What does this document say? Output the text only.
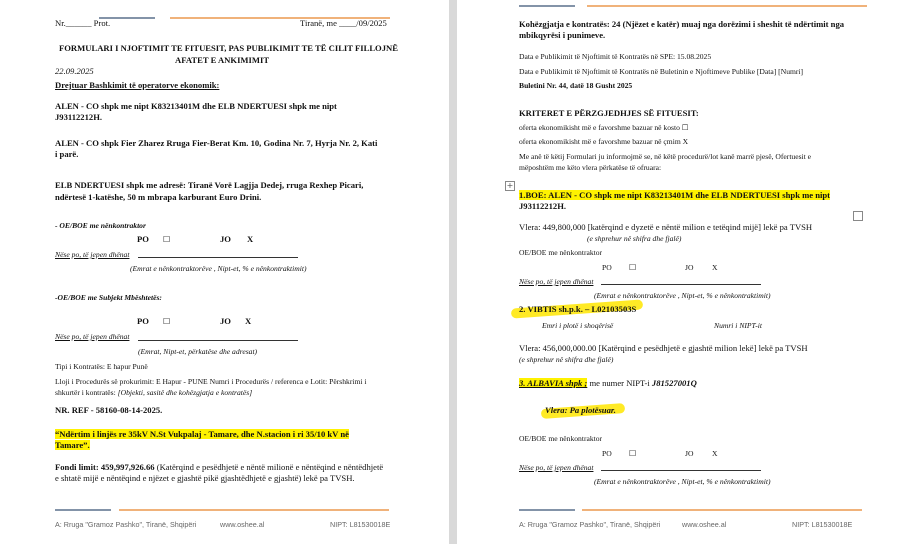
Nr.______ Prot.	Tiranë, me ____/09/2025
FORMULARI I NJOFTIMIT TE FITUESIT, PAS PUBLIKIMIT TE TË CILIT FILLOJNË
AFATET E ANKIMIMIT
22.09.2025
Drejtuar Bashkimit të operatorve ekonomik:
ALEN - CO shpk me nipt K83213401M dhe ELB NDERTUESI shpk me nipt
J93112212H.
ALEN - CO shpk Fier Zharez Rruga Fier-Berat Km. 10, Godina Nr. 7, Hyrja Nr. 2, Kati
i parë.
ELB NDERTUESI shpk me adresë: Tiranë Vorë Lagjja Dedej, rruga Rexhep Picari,
ndërtesë 1-katëshe, 50 m mbrapa karburant Euro Drini.
- OE/BOE me nënkontraktor
PO ☐	JO X
Nëse po, të jepen dhënat
(Emrat e nënkontraktorëve , Nipt-et, % e nënkontraktimit)
-OE/BOE me Subjekt Mbështetës:
PO ☐	JO X
Nëse po, të jepen dhënat
(Emrat, Nipt-et, përkatëse dhe adresat)
Tipi i Kontratës: E hapur Punë
Lloji i Procedurës së prokurimit: E Hapur - PUNE Numri i Procedurës / referenca e Lotit: Përshkrimi i
shkurtër i kontratës: [Objekti, sasitë dhe kohëzgjatja e kontratës]
NR. REF - 58160-08-14-2025.
“Ndërtim i linjës re 35kV N.St Vukpalaj - Tamare, dhe N.stacion i ri 35/10 kV në
Tamare”.
Fondi limit: 459,997,926.66 (Katërqind e pesëdhjetë e nëntë milionë e nëntëqind e nëntëdhjetë
e shtatë mijë e nëntëqind e njëzet e gjashtë pikë gjashtëdhjetë e gjashtë) lekë pa TVSH.
A: Rruga "Gramoz Pashko", Tiranë, Shqipëri	www.oshee.al	NIPT: L81530018E
Kohëzgjatja e kontratës: 24 (Njëzet e katër) muaj nga dorëzimi i sheshit të ndërtimit nga
mbikqyrësi i punimeve.
Data e Publikimit të Njoftimit të Kontratës në SPE: 15.08.2025
Data e Publikimit të Njoftimit të Kontratës në Buletinin e Njoftimeve Publike [Data] [Numri]
Buletini Nr. 44, datë 18 Gusht 2025
KRITERET E PËRZGJEDHJES SË FITUESIT:
oferta ekonomikisht më e favorshme bazuar në kosto ☐
oferta ekonomikisht më e favorshme bazuar në çmim X
Me anë të këtij Formulari ju informojmë se, në këtë procedurë/lot kanë marrë pjesë, Ofertuesit e
mëposhtëm me këto vlera përkatëse të ofruara:
+
1.BOE: ALEN - CO shpk me nipt K83213401M dhe ELB NDERTUESI shpk me nipt
J93112212H.
Vlera: 449,800,000 [katërqind e dyzetë e nëntë milion e tetëqind mijë] lekë pa TVSH
(e shprehur në shifra dhe fjalë)
OE/BOE me nënkontraktor
PO ☐	JO X
Nëse po, të jepen dhënat
(Emrat e nënkontraktorëve , Nipt-et, % e nënkontraktimit)
2. VIBTIS sh.p.k. – L02103503S
Emri i plotë i shoqërisë	Numri i NIPT-it
Vlera: 456,000,000.00 [Katërqind e pesëdhjetë e gjashtë milion lekë] lekë pa TVSH
(e shprehur në shifra dhe fjalë)
3. ALBAVIA shpk ; me numer NIPT-i J81527001Q
Vlera: Pa plotësuar.
OE/BOE me nënkontraktor
PO ☐	JO X
Nëse po, të jepen dhënat
(Emrat e nënkontraktorëve , Nipt-et, % e nënkontraktimit)
A: Rruga "Gramoz Pashko", Tiranë, Shqipëri	www.oshee.al	NIPT: L81530018E
